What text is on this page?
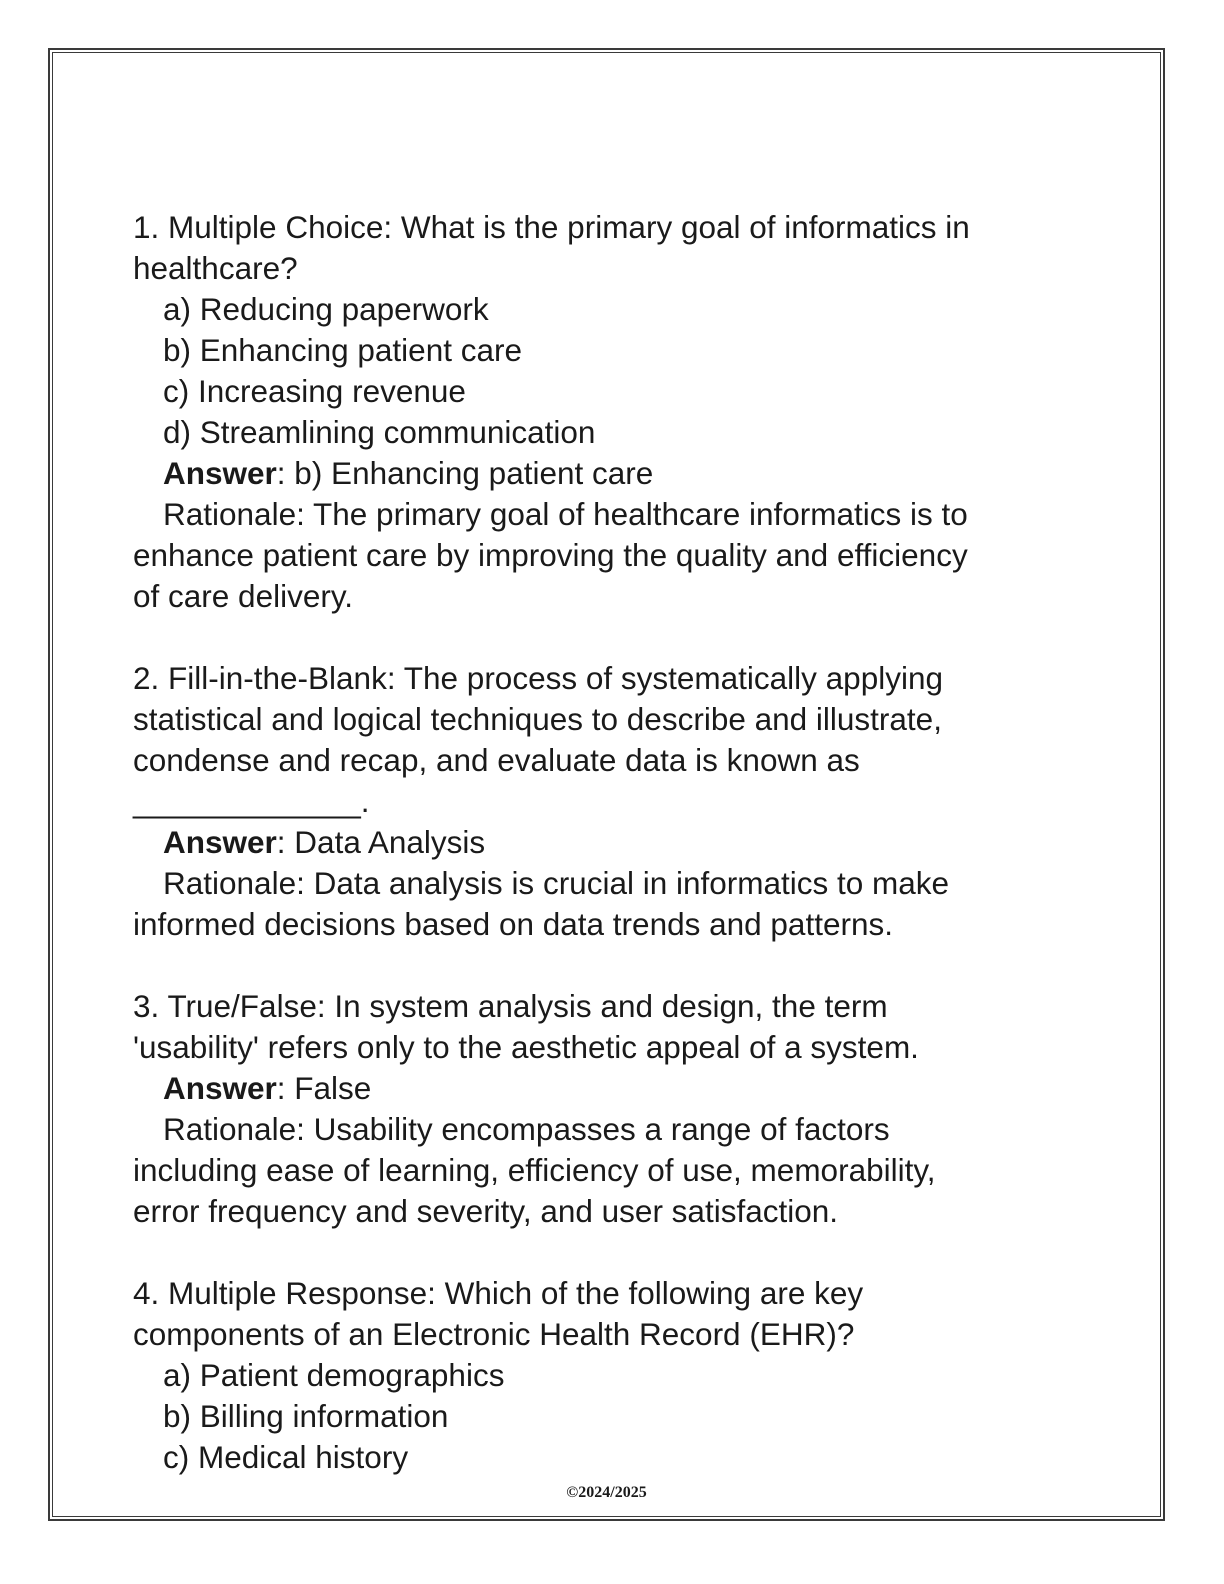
1. Multiple Choice: What is the primary goal of informatics in

healthcare?

a) Reducing paperwork

b) Enhancing patient care

c) Increasing revenue

d) Streamlining communication

Answer: b) Enhancing patient care

Rationale: The primary goal of healthcare informatics is to

enhance patient care by improving the quality and efficiency

of care delivery.

2. Fill-in-the-Blank: The process of systematically applying

statistical and logical techniques to describe and illustrate,

condense and recap, and evaluate data is known as

_____________.

Answer: Data Analysis

Rationale: Data analysis is crucial in informatics to make

informed decisions based on data trends and patterns.

3. True/False: In system analysis and design, the term

'usability' refers only to the aesthetic appeal of a system.

Answer: False

Rationale: Usability encompasses a range of factors

including ease of learning, efficiency of use, memorability,

error frequency and severity, and user satisfaction.

4. Multiple Response: Which of the following are key

components of an Electronic Health Record (EHR)?

a) Patient demographics

b) Billing information

c) Medical history

©2024/2025
